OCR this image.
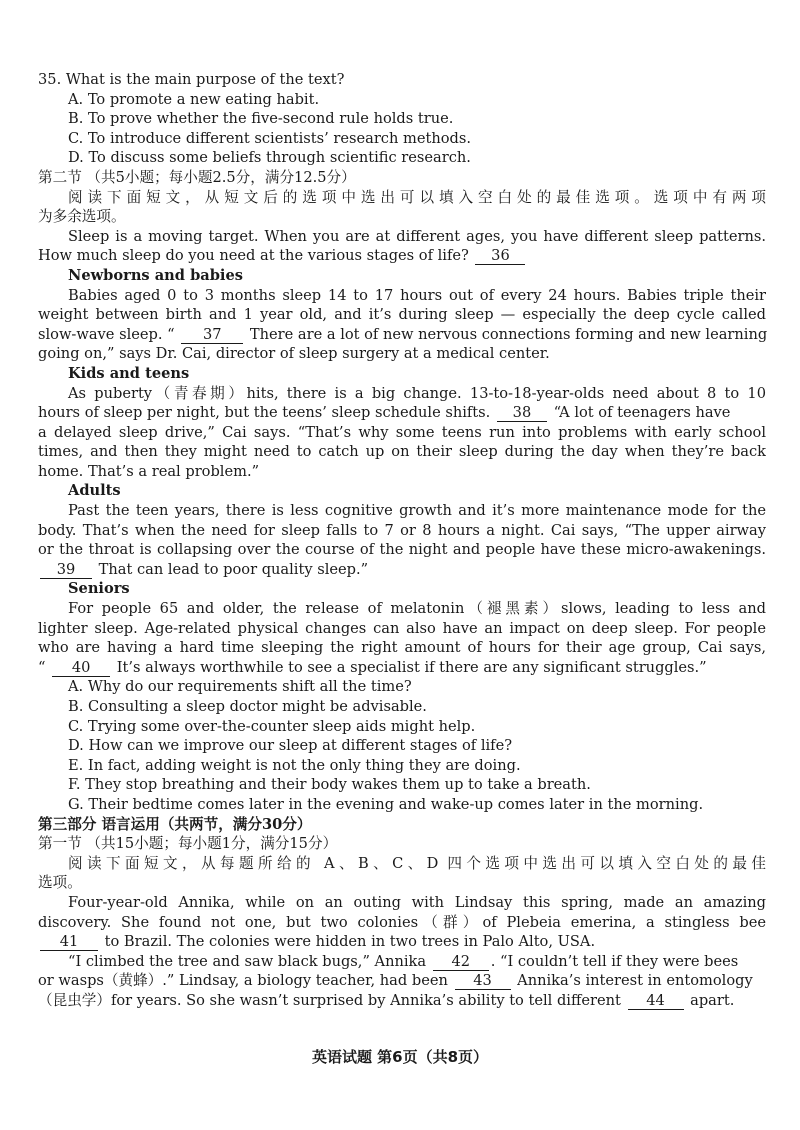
35. What is the main purpose of the text?
A. To promote a new eating habit.
B. To prove whether the five-second rule holds true.
C. To introduce different scientists’ research methods.
D. To discuss some beliefs through scientific research.
第二节 （共5小题；每小题2.5分，满分12.5分）
阅读下面短文，从短文后的选项中选出可以填入空白处的最佳选项。选项中有两项
为多余选项。
Sleep is a moving target. When you are at different ages, you have different sleep patterns.
How much sleep do you need at the various stages of life? 36
Newborns and babies
Babies aged 0 to 3 months sleep 14 to 17 hours out of every 24 hours. Babies triple their
weight between birth and 1 year old, and it’s during sleep — especially the deep cycle called
slow-wave sleep. “ 37 There are a lot of new nervous connections forming and new learning
going on,” says Dr. Cai, director of sleep surgery at a medical center.
Kids and teens
As puberty（青春期）hits, there is a big change. 13-to-18-year-olds need about 8 to 10
hours of sleep per night, but the teens’ sleep schedule shifts. 38 “A lot of teenagers have
a delayed sleep drive,” Cai says. “That’s why some teens run into problems with early school
times, and then they might need to catch up on their sleep during the day when they’re back
home. That’s a real problem.”
Adults
Past the teen years, there is less cognitive growth and it’s more maintenance mode for the
body. That’s when the need for sleep falls to 7 or 8 hours a night. Cai says, “The upper airway
or the throat is collapsing over the course of the night and people have these micro-awakenings.
39 That can lead to poor quality sleep.”
Seniors
For people 65 and older, the release of melatonin（褪黑素）slows, leading to less and
lighter sleep. Age-related physical changes can also have an impact on deep sleep. For people
who are having a hard time sleeping the right amount of hours for their age group, Cai says,
“ 40 It’s always worthwhile to see a specialist if there are any significant struggles.”
A. Why do our requirements shift all the time?
B. Consulting a sleep doctor might be advisable.
C. Trying some over-the-counter sleep aids might help.
D. How can we improve our sleep at different stages of life?
E. In fact, adding weight is not the only thing they are doing.
F. They stop breathing and their body wakes them up to take a breath.
G. Their bedtime comes later in the evening and wake-up comes later in the morning.
第三部分 语言运用（共两节，满分30分）
第一节 （共15小题；每小题1分，满分15分）
阅读下面短文，从每题所给的 A、B、C、D 四个选项中选出可以填入空白处的最佳
选项。
Four-year-old Annika, while on an outing with Lindsay this spring, made an amazing
discovery. She found not one, but two colonies（群）of Plebeia emerina, a stingless bee
41 to Brazil. The colonies were hidden in two trees in Palo Alto, USA.
“I climbed the tree and saw black bugs,” Annika 42 . “I couldn’t tell if they were bees
or wasps（黄蜂）.” Lindsay, a biology teacher, had been 43 Annika’s interest in entomology
（昆虫学）for years. So she wasn’t surprised by Annika’s ability to tell different 44 apart.
英语试题 第6页（共8页）
